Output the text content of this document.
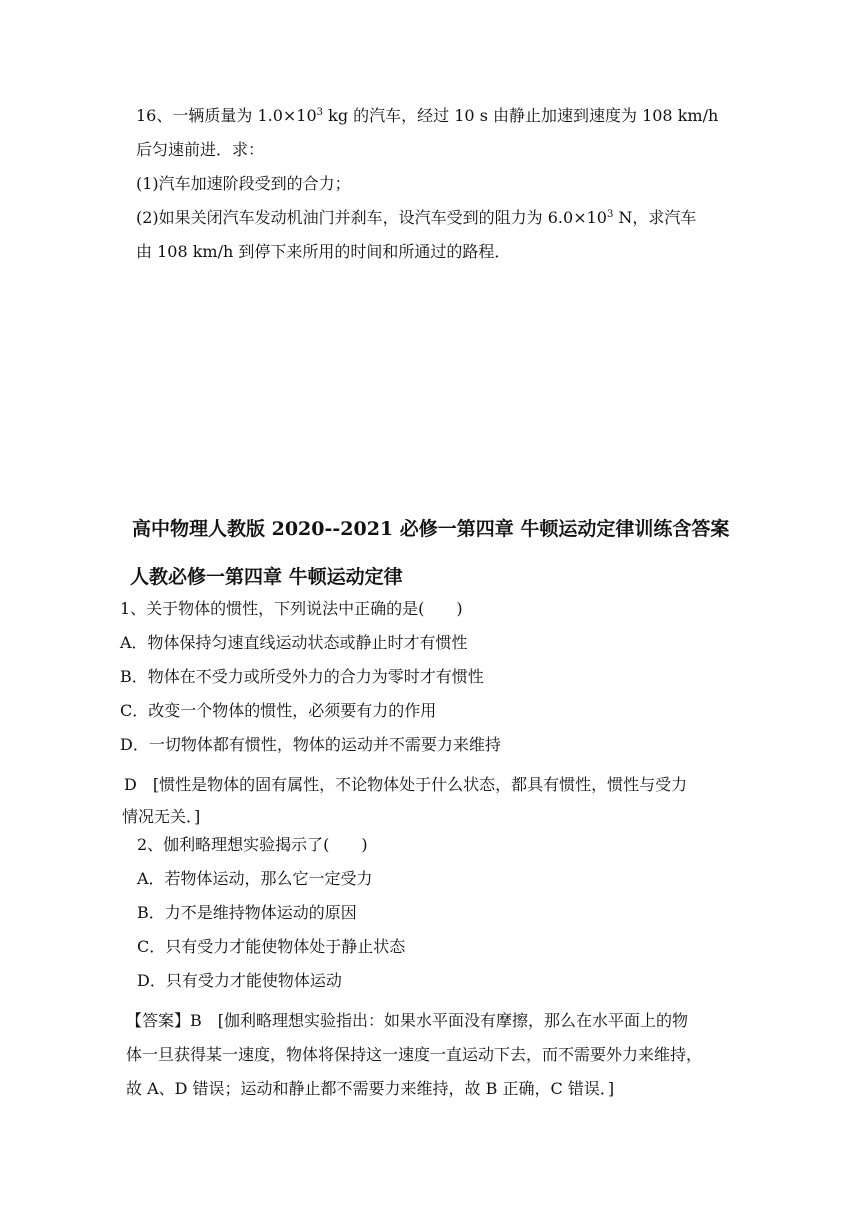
16、一辆质量为 $1.0\times 10^3$ kg 的汽车，经过 10 s 由静止加速到速度为 108 km/h
后匀速前进．求：
(1)汽车加速阶段受到的合力；
(2)如果关闭汽车发动机油门并刹车，设汽车受到的阻力为 $6.0\times 10^3$ N，求汽车
由 108 km/h 到停下来所用的时间和所通过的路程．
高中物理人教版 2020--2021 必修一第四章 牛顿运动定律训练含答案
人教必修一第四章 牛顿运动定律
1、关于物体的惯性，下列说法中正确的是(　　)
A．物体保持匀速直线运动状态或静止时才有惯性
B．物体在不受力或所受外力的合力为零时才有惯性
C．改变一个物体的惯性，必须要有力的作用
D．一切物体都有惯性，物体的运动并不需要力来维持
D　[惯性是物体的固有属性，不论物体处于什么状态，都具有惯性，惯性与受力
情况无关．]
2、伽利略理想实验揭示了(　　)
A．若物体运动，那么它一定受力
B．力不是维持物体运动的原因
C．只有受力才能使物体处于静止状态
D．只有受力才能使物体运动
【答案】B　[伽利略理想实验指出：如果水平面没有摩擦，那么在水平面上的物
体一旦获得某一速度，物体将保持这一速度一直运动下去，而不需要外力来维持，
故 A、D 错误；运动和静止都不需要力来维持，故 B 正确，C 错误．]
